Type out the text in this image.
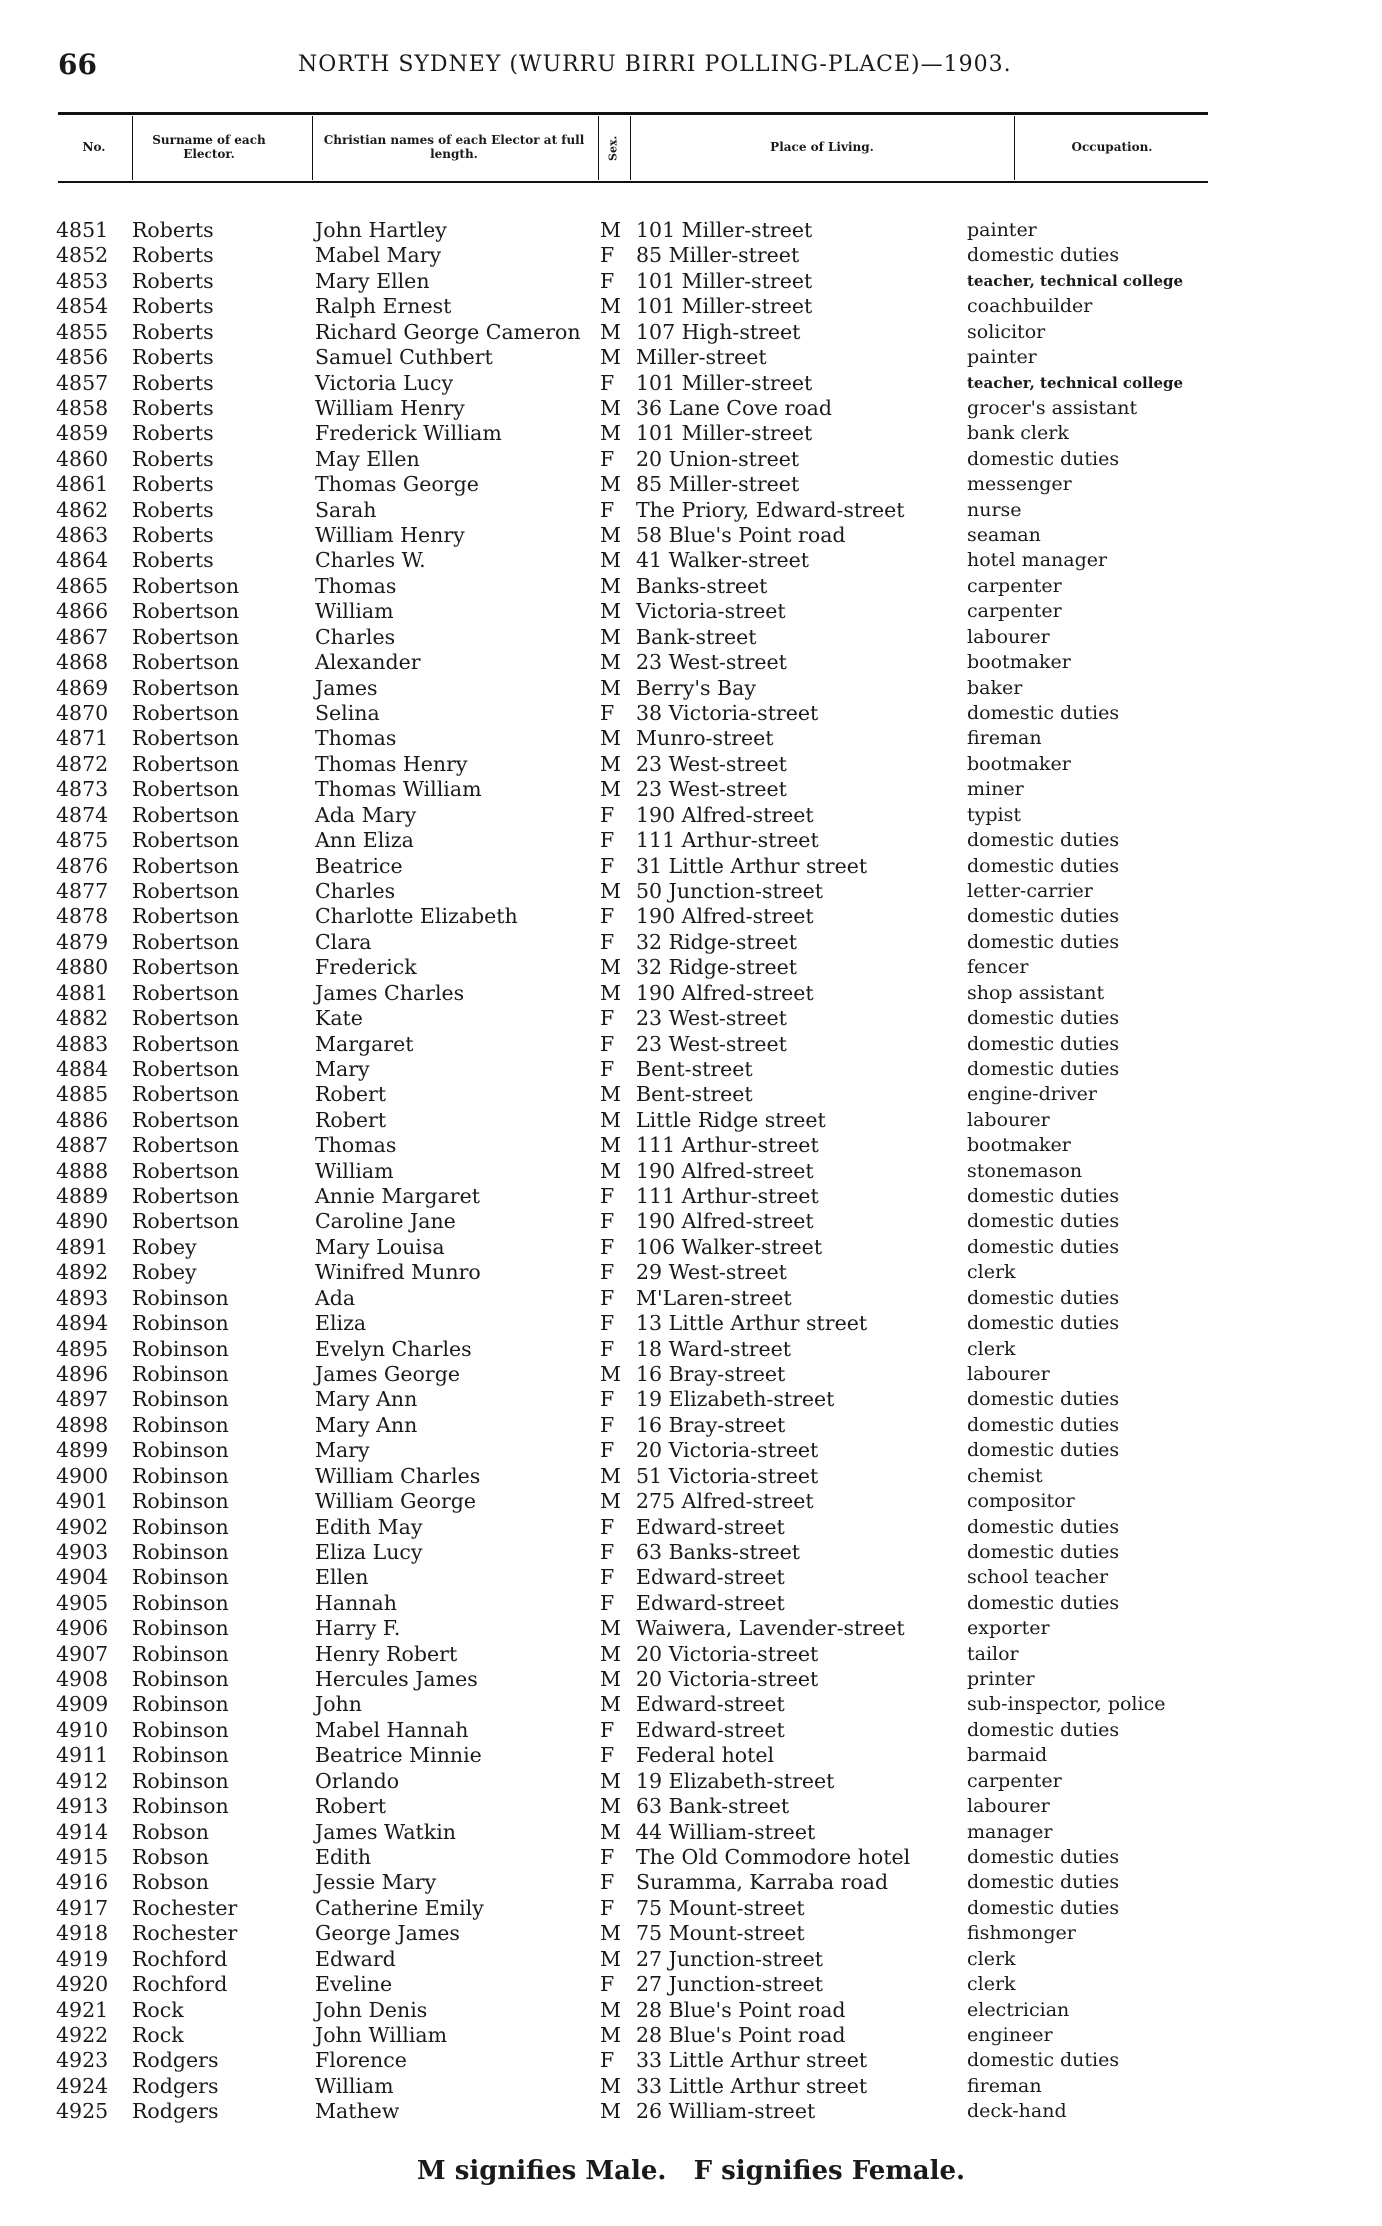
66	NORTH SYDNEY (WURRU BIRRI POLLING-PLACE)—1903.
No.	Surname of each Elector.
Christian names of each Elector at full length.	Sex.	Place of Living.	Occupation.
4851 Roberts	John Hartley	M 101 Miller-street	painter
4852 Roberts	Mabel Mary	F	85 Miller-street	domestic duties
4853 Roberts	Mary Ellen	F	101 Miller-street	teacher, technical college
4854 Roberts	Ralph Ernest	M 101 Miller-street	coachbuilder
4855 Roberts	Richard George Cameron M 107 High-street	solicitor
4856 Roberts	Samuel Cuthbert	M Miller-street	painter
4857 Roberts	Victoria Lucy	F	101 Miller-street	teacher, technical college
4858 Roberts	William Henry	M 36 Lane Cove road	grocer's assistant
4859 Roberts	Frederick William	M 101 Miller-street	bank clerk
4860 Roberts	May Ellen	F	20 Union-street	domestic duties
4861 Roberts	Thomas George	M 85 Miller-street	messenger
4862 Roberts	Sarah	F	The Priory, Edward-street	nurse
4863 Roberts	William Henry	M 58 Blue's Point road	seaman
4864 Roberts	Charles W.	M 41 Walker-street	hotel manager
4865 Robertson	Thomas	M Banks-street	carpenter
4866 Robertson	William	M Victoria-street	carpenter
4867 Robertson	Charles	M Bank-street	labourer
4868 Robertson	Alexander	M 23 West-street	bootmaker
4869 Robertson	James	M Berry's Bay	baker
4870 Robertson	Selina	F	38 Victoria-street	domestic duties
4871 Robertson	Thomas	M Munro-street	fireman
4872 Robertson	Thomas Henry	M 23 West-street	bootmaker
4873 Robertson	Thomas William	M 23 West-street	miner
4874 Robertson	Ada Mary	F	190 Alfred-street	typist
4875 Robertson	Ann Eliza	F	111 Arthur-street	domestic duties
4876 Robertson	Beatrice	F	31 Little Arthur street	domestic duties
4877 Robertson	Charles	M 50 Junction-street	letter-carrier
4878 Robertson	Charlotte Elizabeth	F	190 Alfred-street	domestic duties
4879 Robertson	Clara	F	32 Ridge-street	domestic duties
4880 Robertson	Frederick	M 32 Ridge-street	fencer
4881 Robertson	James Charles	M 190 Alfred-street	shop assistant
4882 Robertson	Kate	F	23 West-street	domestic duties
4883 Robertson	Margaret	F	23 West-street	domestic duties
4884 Robertson	Mary	F	Bent-street	domestic duties
4885 Robertson	Robert	M Bent-street	engine-driver
4886 Robertson	Robert	M Little Ridge street	labourer
4887 Robertson	Thomas	M 111 Arthur-street	bootmaker
4888 Robertson	William	M 190 Alfred-street	stonemason
4889 Robertson	Annie Margaret	F	111 Arthur-street	domestic duties
4890 Robertson	Caroline Jane	F	190 Alfred-street	domestic duties
4891 Robey	Mary Louisa	F	106 Walker-street	domestic duties
4892 Robey	Winifred Munro	F	29 West-street	clerk
4893 Robinson	Ada	F	M'Laren-street	domestic duties
4894 Robinson	Eliza	F	13 Little Arthur street	domestic duties
4895 Robinson	Evelyn Charles	F	18 Ward-street	clerk
4896 Robinson	James George	M 16 Bray-street	labourer
4897 Robinson	Mary Ann	F	19 Elizabeth-street	domestic duties
4898 Robinson	Mary Ann	F	16 Bray-street	domestic duties
4899 Robinson	Mary	F	20 Victoria-street	domestic duties
4900 Robinson	William Charles	M 51 Victoria-street	chemist
4901 Robinson	William George	M 275 Alfred-street	compositor
4902 Robinson	Edith May	F	Edward-street	domestic duties
4903 Robinson	Eliza Lucy	F	63 Banks-street	domestic duties
4904 Robinson	Ellen	F	Edward-street	school teacher
4905 Robinson	Hannah	F	Edward-street	domestic duties
4906 Robinson	Harry F.	M Waiwera, Lavender-street	exporter
4907 Robinson	Henry Robert	M 20 Victoria-street	tailor
4908 Robinson	Hercules James	M 20 Victoria-street	printer
4909 Robinson	John	M Edward-street	sub-inspector, police
4910 Robinson	Mabel Hannah	F	Edward-street	domestic duties
4911 Robinson	Beatrice Minnie	F	Federal hotel	barmaid
4912 Robinson	Orlando	M 19 Elizabeth-street	carpenter
4913 Robinson	Robert	M 63 Bank-street	labourer
4914 Robson	James Watkin	M 44 William-street	manager
4915 Robson	Edith	F	The Old Commodore hotel	domestic duties
4916 Robson	Jessie Mary	F	Suramma, Karraba road	domestic duties
4917 Rochester	Catherine Emily	F	75 Mount-street	domestic duties
4918 Rochester	George James	M 75 Mount-street	fishmonger
4919 Rochford	Edward	M 27 Junction-street	clerk
4920 Rochford	Eveline	F	27 Junction-street	clerk
4921 Rock	John Denis	M 28 Blue's Point road	electrician
4922 Rock	John William	M 28 Blue's Point road	engineer
4923 Rodgers	Florence	F	33 Little Arthur street	domestic duties
4924 Rodgers	William	M 33 Little Arthur street	fireman
4925 Rodgers	Mathew	M 26 William-street	deck-hand
M signifies Male. F signifies Female.
